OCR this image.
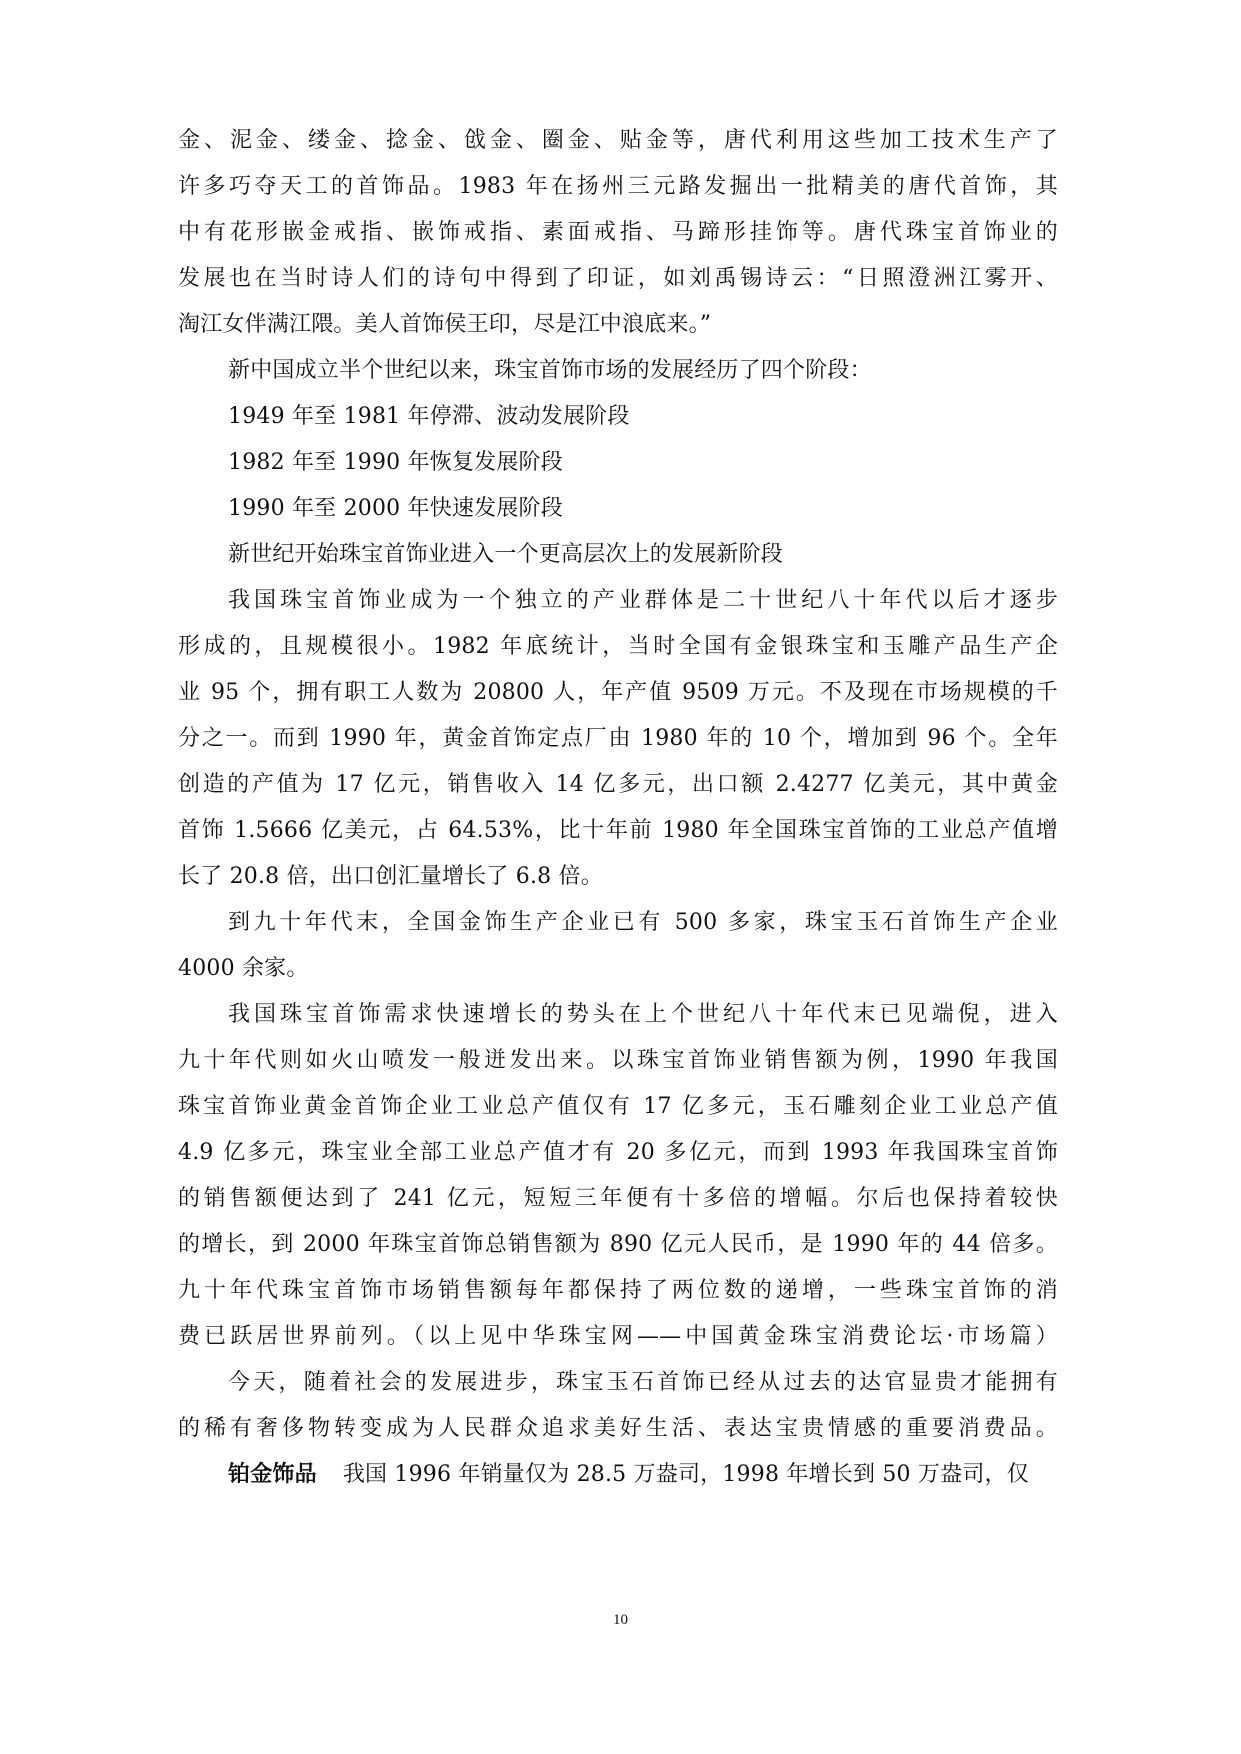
金、泥金、缕金、捻金、戗金、圈金、贴金等，唐代利用这些加工技术生产了
许多巧夺天工的首饰品。1983 年在扬州三元路发掘出一批精美的唐代首饰，其
中有花形嵌金戒指、嵌饰戒指、素面戒指、马蹄形挂饰等。唐代珠宝首饰业的
发展也在当时诗人们的诗句中得到了印证，如刘禹锡诗云：“日照澄洲江雾开、
淘江女伴满江隈。美人首饰侯王印，尽是江中浪底来。”
新中国成立半个世纪以来，珠宝首饰市场的发展经历了四个阶段：
1949 年至 1981 年停滞、波动发展阶段
1982 年至 1990 年恢复发展阶段
1990 年至 2000 年快速发展阶段
新世纪开始珠宝首饰业进入一个更高层次上的发展新阶段
我国珠宝首饰业成为一个独立的产业群体是二十世纪八十年代以后才逐步
形成的，且规模很小。1982 年底统计，当时全国有金银珠宝和玉雕产品生产企
业 95 个，拥有职工人数为 20800 人，年产值 9509 万元。不及现在市场规模的千
分之一。而到 1990 年，黄金首饰定点厂由 1980 年的 10 个，增加到 96 个。全年
创造的产值为 17 亿元，销售收入 14 亿多元，出口额 2.4277 亿美元，其中黄金
首饰 1.5666 亿美元，占 64.53%，比十年前 1980 年全国珠宝首饰的工业总产值增
长了 20.8 倍，出口创汇量增长了 6.8 倍。
到九十年代末，全国金饰生产企业已有 500 多家，珠宝玉石首饰生产企业
4000 余家。
我国珠宝首饰需求快速增长的势头在上个世纪八十年代末已见端倪，进入
九十年代则如火山喷发一般迸发出来。以珠宝首饰业销售额为例，1990 年我国
珠宝首饰业黄金首饰企业工业总产值仅有 17 亿多元，玉石雕刻企业工业总产值
4.9 亿多元，珠宝业全部工业总产值才有 20 多亿元，而到 1993 年我国珠宝首饰
的销售额便达到了 241 亿元，短短三年便有十多倍的增幅。尔后也保持着较快
的增长，到 2000 年珠宝首饰总销售额为 890 亿元人民币，是 1990 年的 44 倍多。
九十年代珠宝首饰市场销售额每年都保持了两位数的递增，一些珠宝首饰的消
费已跃居世界前列。（以上见中华珠宝网——中国黄金珠宝消费论坛·市场篇）
今天，随着社会的发展进步，珠宝玉石首饰已经从过去的达官显贵才能拥有
的稀有奢侈物转变成为人民群众追求美好生活、表达宝贵情感的重要消费品。
铂金饰品 我国 1996 年销量仅为 28.5 万盎司，1998 年增长到 50 万盎司，仅
10
